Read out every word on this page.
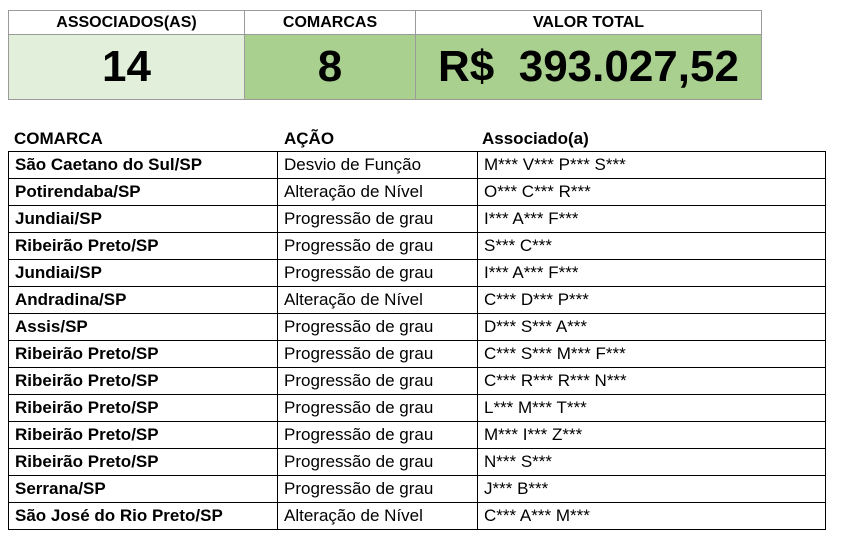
ASSOCIADOS(AS)	COMARCAS	VALOR TOTAL
14	8	R$  393.027,52
COMARCA	AÇÃO	Associado(a)
São Caetano do Sul/SP	Desvio de Função	M*** V*** P*** S***
Potirendaba/SP	Alteração de Nível	O*** C*** R***
Jundiai/SP	Progressão de grau	I*** A*** F***
Ribeirão Preto/SP	Progressão de grau	S*** C***
Jundiai/SP	Progressão de grau	I*** A*** F***
Andradina/SP	Alteração de Nível	C*** D*** P***
Assis/SP	Progressão de grau	D*** S*** A***
Ribeirão Preto/SP	Progressão de grau	C*** S*** M*** F***
Ribeirão Preto/SP	Progressão de grau	C*** R*** R*** N***
Ribeirão Preto/SP	Progressão de grau	L*** M*** T***
Ribeirão Preto/SP	Progressão de grau	M*** I*** Z***
Ribeirão Preto/SP	Progressão de grau	N*** S***
Serrana/SP	Progressão de grau	J*** B***
São José do Rio Preto/SP	Alteração de Nível	C*** A*** M***
